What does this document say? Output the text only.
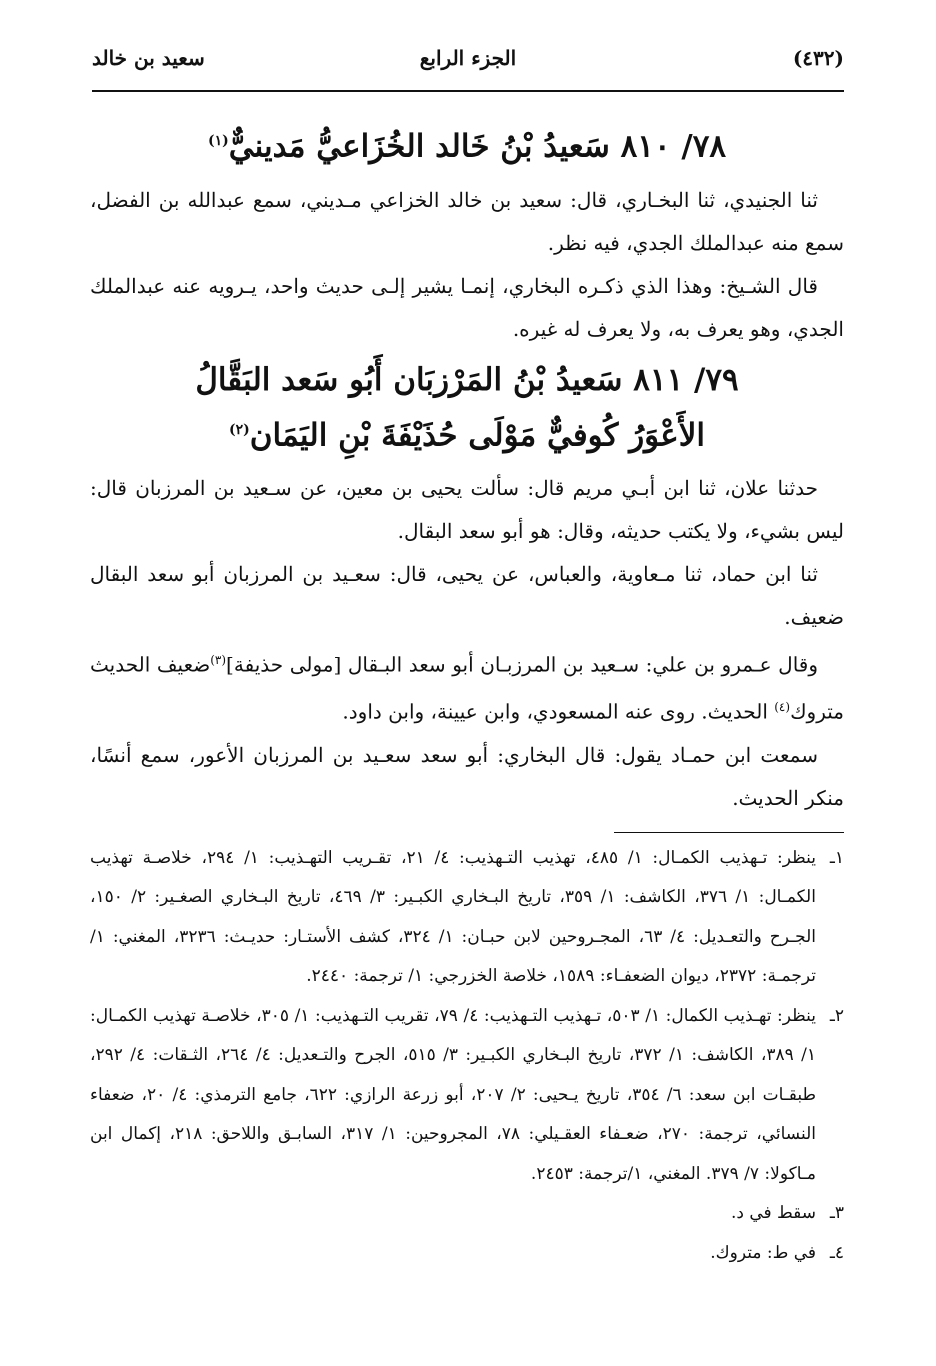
(٤٣٢)
الجزء الرابع
سعيد بن خالد
٧٨/ ٨١٠ سَعيدُ بْنُ خَالد الخُزَاعيُّ مَدينيٌّ$^{(١)}$

ثنا الجنيدي، ثنا البخـاري، قال: سعيد بن خالد الخزاعي مـديني، سمع عبدالله بن الفضل، سمع منه عبدالملك الجدي، فيه نظر.

قال الشـيخ: وهذا الذي ذكـره البخاري، إنمـا يشير إلـى حديث واحد، يـرويه عنه عبدالملك الجدي، وهو يعرف به، ولا يعرف له غيره.

٧٩/ ٨١١ سَعيدُ بْنُ المَرْزبَان أَبُو سَعد البَقَّالُ
الأَعْوَرُ كُوفيٌّ مَوْلَى حُذَيْفَةَ بْنِ اليَمَان$^{(٢)}$

حدثنا علان، ثنا ابن أبـي مريم قال: سألت يحيى بن معين، عن سـعيد بن المرزبان قال: ليس بشيء، ولا يكتب حديثه، وقال: هو أبو سعد البقال.

ثنا ابن حماد، ثنا مـعاوية، والعباس، عن يحيى، قال: سعـيد بن المرزبان أبو سعد البقال ضعيف.

وقال عـمرو بن علي: سـعيد بن المرزبـان أبو سعد البـقال [مولى حذيفة]$^{(٣)}$ضعيف الحديث متروك$^{(٤)}$ الحديث. روى عنه المسعودي، وابن عيينة، وابن داود.

سمعت ابن حمـاد يقول: قال البخاري: أبو سعد سعـيد بن المرزبان الأعور، سمع أنسًا، منكر الحديث.

١ـ
ينظر: تـهذيب الكمـال: ١/ ٤٨٥، تهذيب التـهذيب: ٤/ ٢١، تقـريب التهـذيب: ١/ ٢٩٤، خلاصـة تهذيب الكمـال: ١/ ٣٧٦، الكاشف: ١/ ٣٥٩، تاريخ البـخاري الكبـير: ٣/ ٤٦٩، تاريخ البـخاري الصغـير: ٢/ ١٥٠، الجـرح والتعـديل: ٤/ ٦٣، المجـروحين لابن حبـان: ١/ ٣٢٤، كشف الأستـار: حديـث: ٣٢٣٦، المغني: ١/ ترجمـة: ٢٣٧٢، ديوان الضعفـاء: ١٥٨٩، خلاصة الخزرجي: ١/ ترجمة: ٢٤٤٠.
٢ـ
ينظر: تهـذيب الكمال: ١/ ٥٠٣، تـهذيب التـهذيب: ٤/ ٧٩، تقريب التـهذيب: ١/ ٣٠٥، خلاصـة تهذيب الكمـال: ١/ ٣٨٩، الكاشف: ١/ ٣٧٢، تاريخ البـخاري الكبـير: ٣/ ٥١٥، الجرح والتـعديل: ٤/ ٢٦٤، الثـقات: ٤/ ٢٩٢، طبقـات ابن سعد: ٦/ ٣٥٤، تاريخ يـحيى: ٢/ ٢٠٧، أبو زرعة الرازي: ٦٢٢، جامع الترمذي: ٤/ ٢٠، ضعفاء النسائي، ترجمة: ٢٧٠، ضعـفاء العقـيلي: ٧٨، المجروحين: ١/ ٣١٧، السابـق واللاحق: ٢١٨، إكمال ابن مـاكولا: ٧/ ٣٧٩. المغني، ١/ترجمة: ٢٤٥٣.
٣ـ
سقط في د.
٤ـ
في ط: متروك.
